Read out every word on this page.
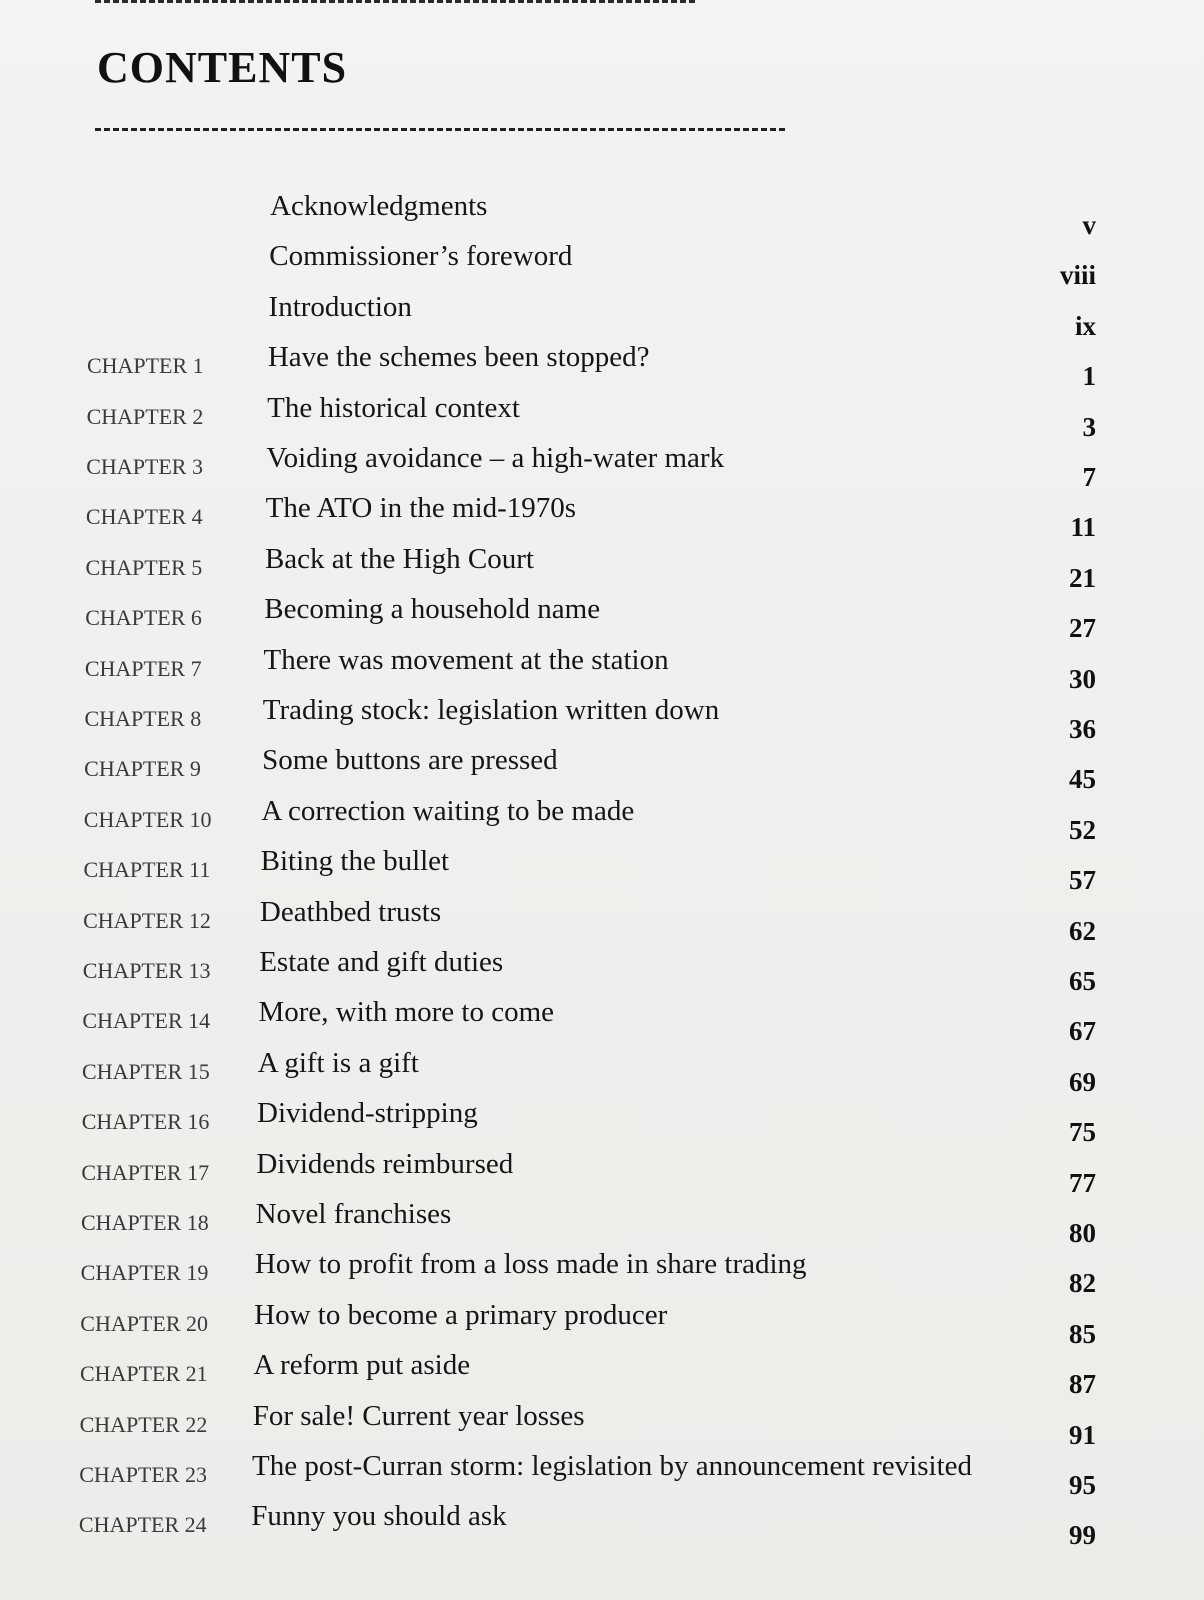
CONTENTS
Acknowledgments
v
Commissioner’s foreword
viii
Introduction
ix
CHAPTER 1 Have the schemes been stopped?
1
CHAPTER 2 The historical context
3
CHAPTER 3 Voiding avoidance – a high-water mark
7
CHAPTER 4 The ATO in the mid-1970s
11
CHAPTER 5 Back at the High Court
21
CHAPTER 6 Becoming a household name
27
CHAPTER 7 There was movement at the station
30
CHAPTER 8 Trading stock: legislation written down
36
CHAPTER 9 Some buttons are pressed
45
CHAPTER 10 A correction waiting to be made
52
CHAPTER 11 Biting the bullet
57
CHAPTER 12 Deathbed trusts
62
CHAPTER 13 Estate and gift duties
65
CHAPTER 14 More, with more to come
67
CHAPTER 15 A gift is a gift
69
CHAPTER 16 Dividend-stripping
75
CHAPTER 17 Dividends reimbursed
77
CHAPTER 18 Novel franchises
80
CHAPTER 19 How to profit from a loss made in share trading
82
CHAPTER 20 How to become a primary producer
85
CHAPTER 21 A reform put aside
87
CHAPTER 22 For sale! Current year losses
91
CHAPTER 23 The post-Curran storm: legislation by announcement revisited
95
CHAPTER 24 Funny you should ask
99
